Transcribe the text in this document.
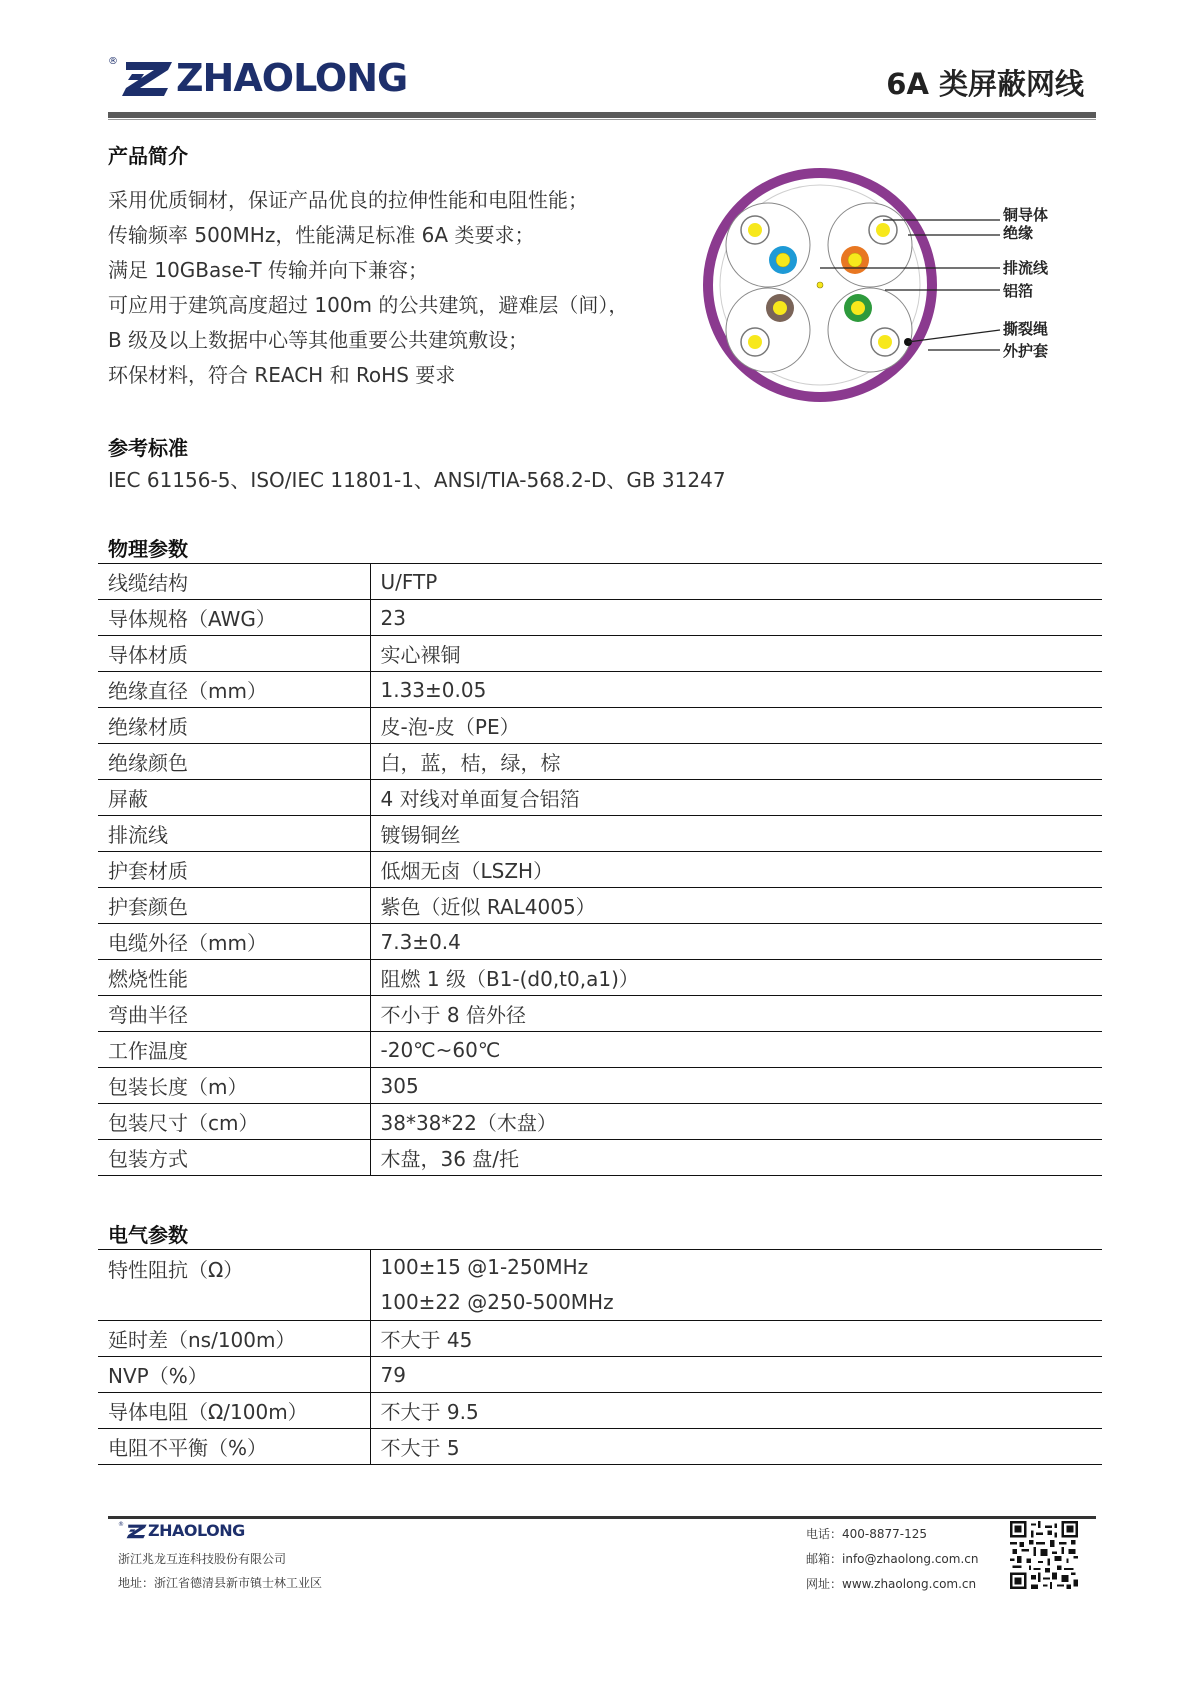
® ZHAOLONG	6A 类屏蔽网线
产品简介
采用优质铜材，保证产品优良的拉伸性能和电阻性能；
传输频率 500MHz，性能满足标准 6A 类要求；
满足 10GBase-T 传输并向下兼容；
可应用于建筑高度超过 100m 的公共建筑，避难层（间），
B 级及以上数据中心等其他重要公共建筑敷设；
环保材料，符合 REACH 和 RoHS 要求
铜导体
绝缘
排流线
铝箔
撕裂绳
外护套
参考标准
IEC 61156-5、ISO/IEC 11801-1、ANSI/TIA-568.2-D、GB 31247
物理参数
线缆结构	U/FTP
导体规格（AWG）	23
导体材质	实心裸铜
绝缘直径（mm）	1.33±0.05
绝缘材质	皮-泡-皮（PE）
绝缘颜色	白，蓝，桔，绿，棕
屏蔽	4 对线对单面复合铝箔
排流线	镀锡铜丝
护套材质	低烟无卤（LSZH）
护套颜色	紫色（近似 RAL4005）
电缆外径（mm）	7.3±0.4
燃烧性能	阻燃 1 级（B1-(d0,t0,a1)）
弯曲半径	不小于 8 倍外径
工作温度	-20℃~60℃
包装长度（m）	305
包装尺寸（cm）	38*38*22（木盘）
包装方式	木盘，36 盘/托
电气参数
特性阻抗（Ω）	100±15 @1-250MHz
100±22 @250-500MHz

延时差（ns/100m）	不大于 45
NVP（%）	79
导体电阻（Ω/100m）	不大于 9.5
电阻不平衡（%）	不大于 5
® ZHAOLONG
浙江兆龙互连科技股份有限公司
地址：浙江省德清县新市镇士林工业区
电话：400-8877-125
邮箱：info@zhaolong.com.cn
网址：www.zhaolong.com.cn
